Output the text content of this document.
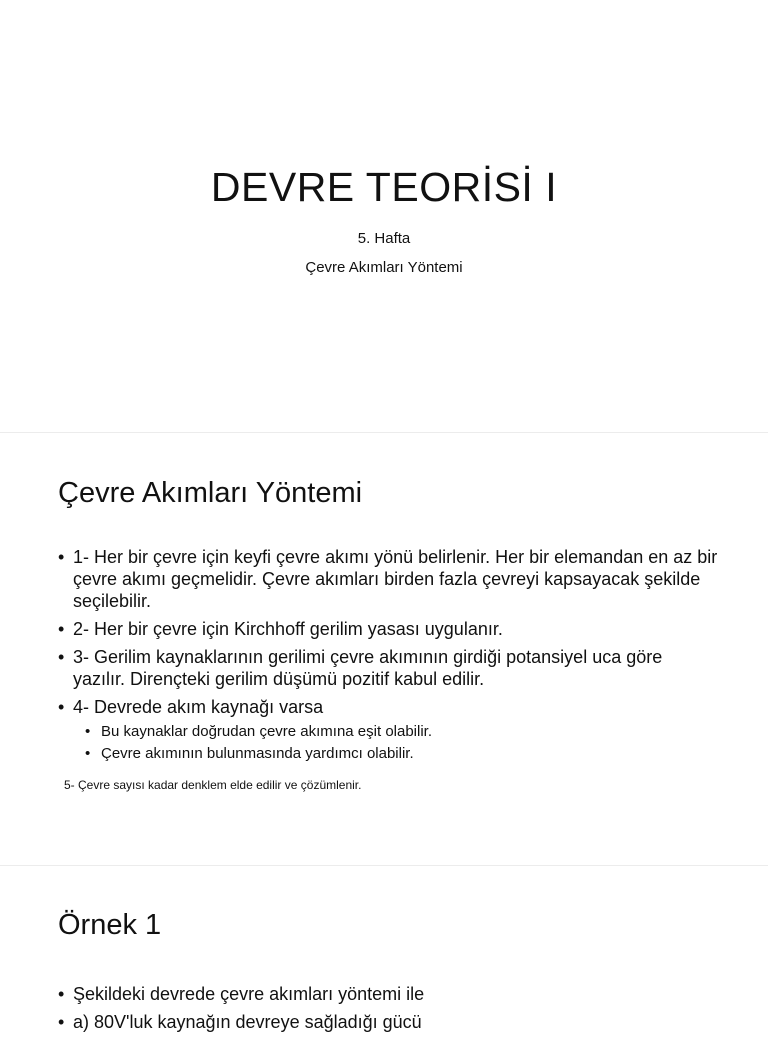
DEVRE TEORİSİ I
5. Hafta
Çevre Akımları Yöntemi
Çevre Akımları Yöntemi
• 1- Her bir çevre için keyfi çevre akımı yönü belirlenir. Her bir elemandan en az bir çevre akımı geçmelidir. Çevre akımları birden fazla çevreyi kapsayacak şekilde seçilebilir.
• 2- Her bir çevre için Kirchhoff gerilim yasası uygulanır.
• 3- Gerilim kaynaklarının gerilimi çevre akımının girdiği potansiyel uca göre yazılır. Dirençteki gerilim düşümü pozitif kabul edilir.
• 4- Devrede akım kaynağı varsa
• Bu kaynaklar doğrudan çevre akımına eşit olabilir.
• Çevre akımının bulunmasında yardımcı olabilir.
5- Çevre sayısı kadar denklem elde edilir ve çözümlenir.
Örnek 1
• Şekildeki devrede çevre akımları yöntemi ile
• a) 80V'luk kaynağın devreye sağladığı gücü
